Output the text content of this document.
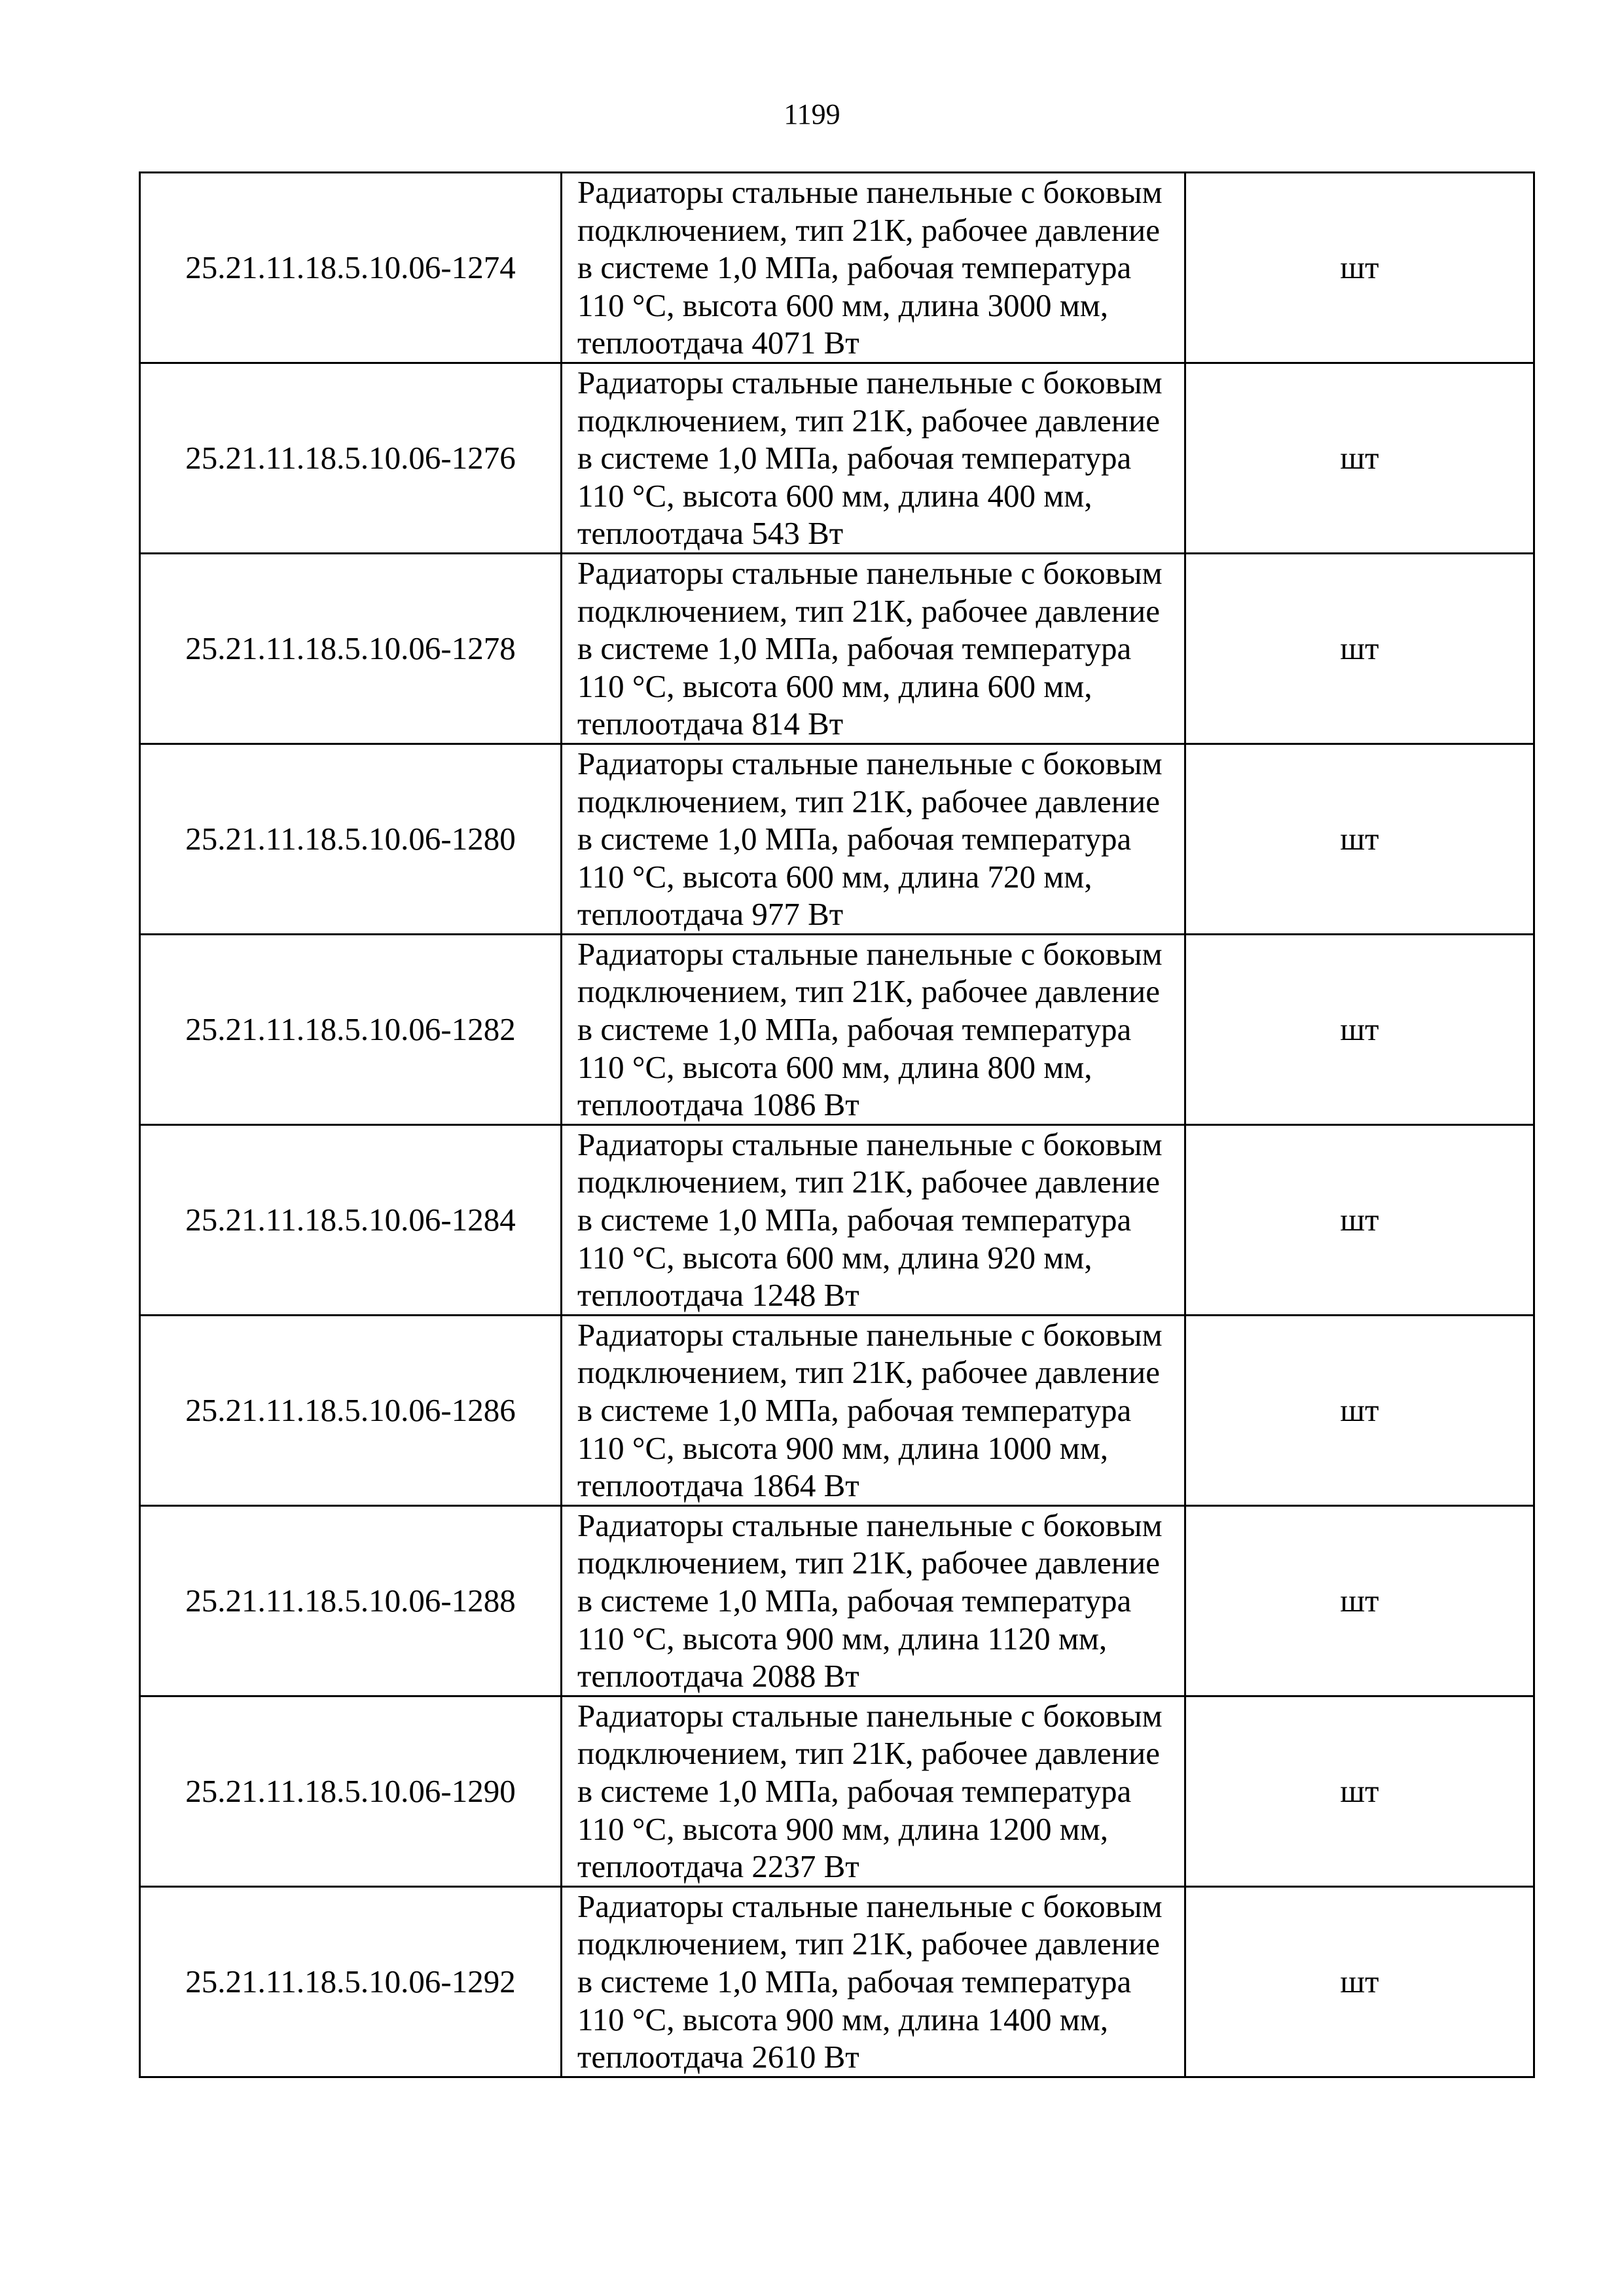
1199
25.21.11.18.5.10.06-1274	Радиаторы стальные панельные с боковым подключением, тип 21К, рабочее давление в системе 1,0 МПа, рабочая температура 110 °С, высота 600 мм, длина 3000 мм, теплоотдача 4071 Вт	шт
25.21.11.18.5.10.06-1276	Радиаторы стальные панельные с боковым подключением, тип 21К, рабочее давление в системе 1,0 МПа, рабочая температура 110 °С, высота 600 мм, длина 400 мм, теплоотдача 543 Вт	шт
25.21.11.18.5.10.06-1278	Радиаторы стальные панельные с боковым подключением, тип 21К, рабочее давление в системе 1,0 МПа, рабочая температура 110 °С, высота 600 мм, длина 600 мм, теплоотдача 814 Вт	шт
25.21.11.18.5.10.06-1280	Радиаторы стальные панельные с боковым подключением, тип 21К, рабочее давление в системе 1,0 МПа, рабочая температура 110 °С, высота 600 мм, длина 720 мм, теплоотдача 977 Вт	шт
25.21.11.18.5.10.06-1282	Радиаторы стальные панельные с боковым подключением, тип 21К, рабочее давление в системе 1,0 МПа, рабочая температура 110 °С, высота 600 мм, длина 800 мм, теплоотдача 1086 Вт	шт
25.21.11.18.5.10.06-1284	Радиаторы стальные панельные с боковым подключением, тип 21К, рабочее давление в системе 1,0 МПа, рабочая температура 110 °С, высота 600 мм, длина 920 мм, теплоотдача 1248 Вт	шт
25.21.11.18.5.10.06-1286	Радиаторы стальные панельные с боковым подключением, тип 21К, рабочее давление в системе 1,0 МПа, рабочая температура 110 °С, высота 900 мм, длина 1000 мм, теплоотдача 1864 Вт	шт
25.21.11.18.5.10.06-1288	Радиаторы стальные панельные с боковым подключением, тип 21К, рабочее давление в системе 1,0 МПа, рабочая температура 110 °С, высота 900 мм, длина 1120 мм, теплоотдача 2088 Вт	шт
25.21.11.18.5.10.06-1290	Радиаторы стальные панельные с боковым подключением, тип 21К, рабочее давление в системе 1,0 МПа, рабочая температура 110 °С, высота 900 мм, длина 1200 мм, теплоотдача 2237 Вт	шт
25.21.11.18.5.10.06-1292	Радиаторы стальные панельные с боковым подключением, тип 21К, рабочее давление в системе 1,0 МПа, рабочая температура 110 °С, высота 900 мм, длина 1400 мм, теплоотдача 2610 Вт	шт
